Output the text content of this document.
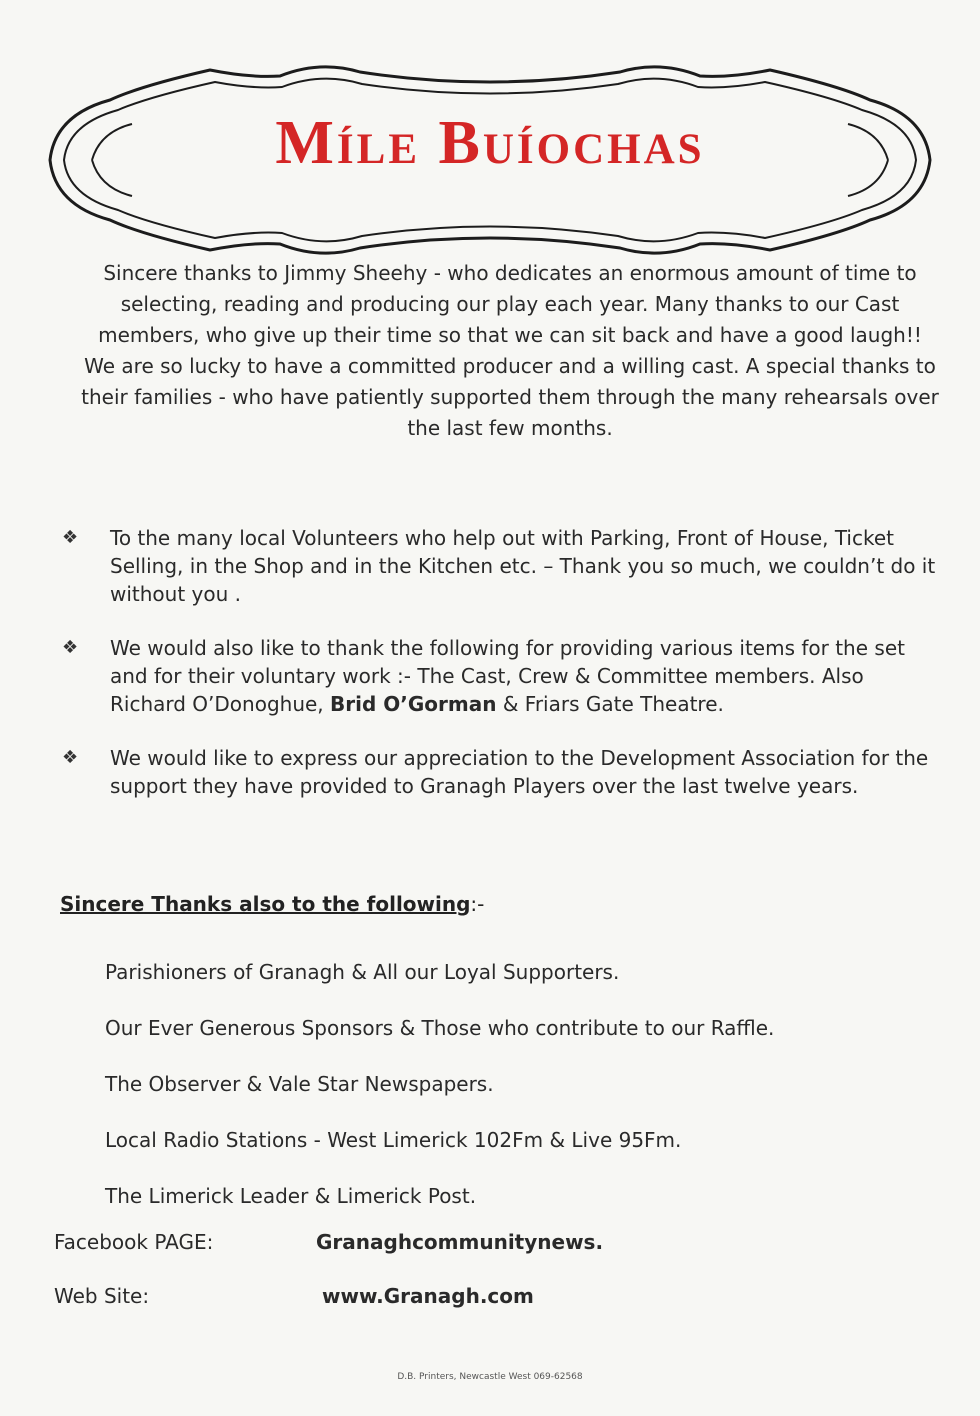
Míle Buíochas
Sincere thanks to Jimmy Sheehy - who dedicates an enormous amount of time to selecting, reading and producing our play each year. Many thanks to our Cast members, who give up their time so that we can sit back and have a good laugh!! We are so lucky to have a committed producer and a willing cast. A special thanks to their families - who have patiently supported them through the many rehearsals over the last few months.
❖	To the many local Volunteers who help out with Parking, Front of House, Ticket Selling, in the Shop and in the Kitchen etc. – Thank you so much, we couldn’t do it without you .
❖	We would also like to thank the following for providing various items for the set and for their voluntary work :- The Cast, Crew & Committee members. Also Richard O’Donoghue, Brid O’Gorman & Friars Gate Theatre.
❖	We would like to express our appreciation to the Development Association for the support they have provided to Granagh Players over the last twelve years.
Sincere Thanks also to the following:-
Parishioners of Granagh & All our Loyal Supporters.
Our Ever Generous Sponsors & Those who contribute to our Raffle.
The Observer & Vale Star Newspapers.
Local Radio Stations - West Limerick 102Fm & Live 95Fm.
The Limerick Leader & Limerick Post.
Facebook PAGE:	Granaghcommunitynews.
Web Site:	www.Granagh.com
D.B. Printers, Newcastle West 069-62568
